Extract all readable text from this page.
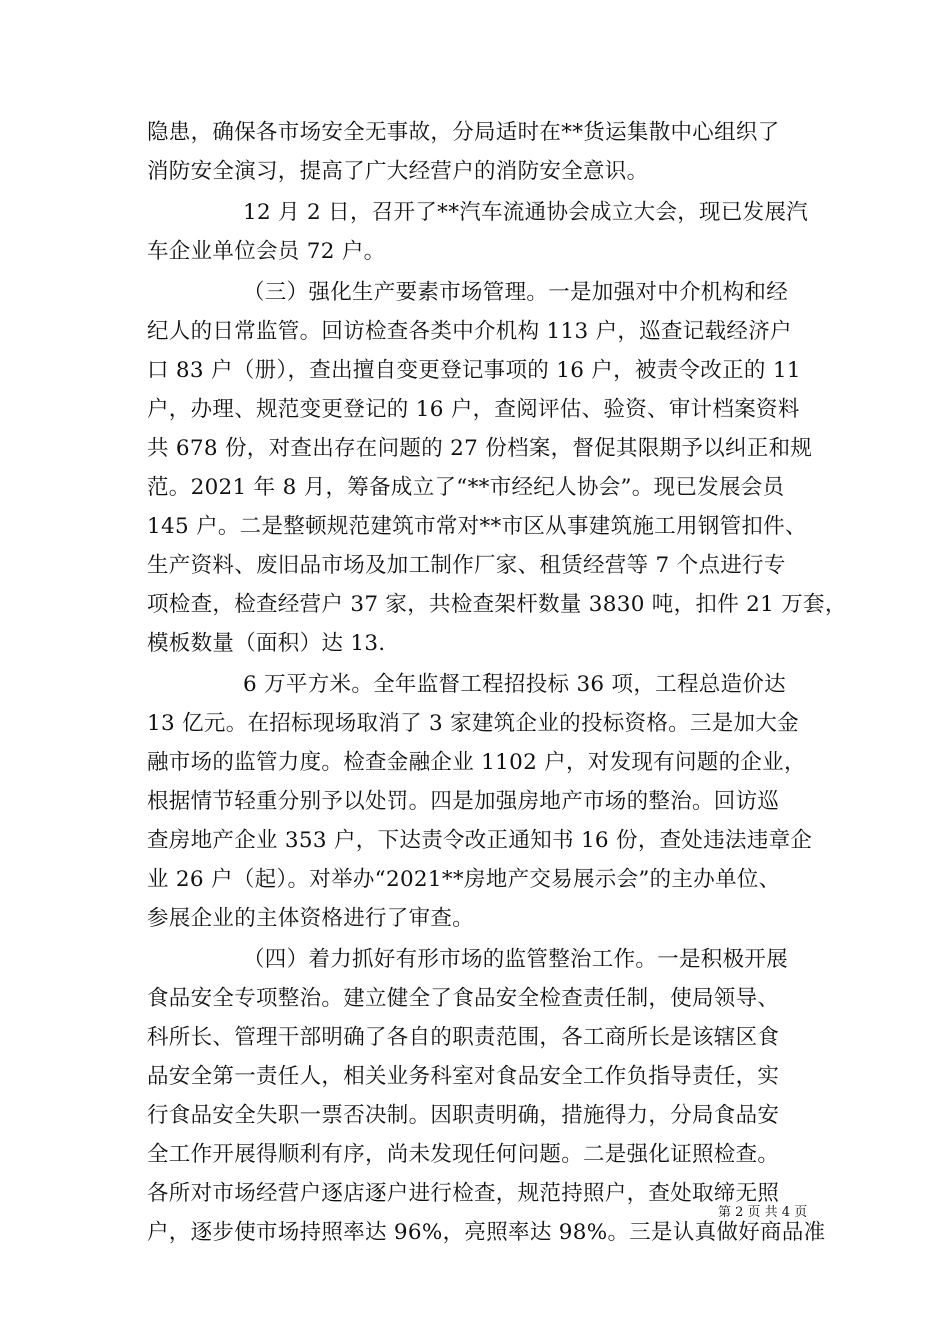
隐患，确保各市场安全无事故，分局适时在**货运集散中心组织了
消防安全演习，提高了广大经营户的消防安全意识。
12 月 2 日，召开了**汽车流通协会成立大会，现已发展汽
车企业单位会员 72 户。
（三）强化生产要素市场管理。一是加强对中介机构和经
纪人的日常监管。回访检查各类中介机构 113 户，巡查记载经济户
口 83 户（册），查出擅自变更登记事项的 16 户，被责令改正的 11
户，办理、规范变更登记的 16 户，查阅评估、验资、审计档案资料
共 678 份，对查出存在问题的 27 份档案，督促其限期予以纠正和规
范。2021 年 8 月，筹备成立了“**市经纪人协会”。现已发展会员
145 户。二是整顿规范建筑市常对**市区从事建筑施工用钢管扣件、
生产资料、废旧品市场及加工制作厂家、租赁经营等 7 个点进行专
项检查，检查经营户 37 家，共检查架杆数量 3830 吨，扣件 21 万套，
模板数量（面积）达 13.
6 万平方米。全年监督工程招投标 36 项，工程总造价达
13 亿元。在招标现场取消了 3 家建筑企业的投标资格。三是加大金
融市场的监管力度。检查金融企业 1102 户，对发现有问题的企业，
根据情节轻重分别予以处罚。四是加强房地产市场的整治。回访巡
查房地产企业 353 户，下达责令改正通知书 16 份，查处违法违章企
业 26 户（起）。对举办“2021**房地产交易展示会”的主办单位、
参展企业的主体资格进行了审查。
（四）着力抓好有形市场的监管整治工作。一是积极开展
食品安全专项整治。建立健全了食品安全检查责任制，使局领导、
科所长、管理干部明确了各自的职责范围，各工商所长是该辖区食
品安全第一责任人，相关业务科室对食品安全工作负指导责任，实
行食品安全失职一票否决制。因职责明确，措施得力，分局食品安
全工作开展得顺利有序，尚未发现任何问题。二是强化证照检查。
各所对市场经营户逐店逐户进行检查，规范持照户，查处取缔无照
户，逐步使市场持照率达 96%，亮照率达 98%。三是认真做好商品准
第 2 页 共 4 页
